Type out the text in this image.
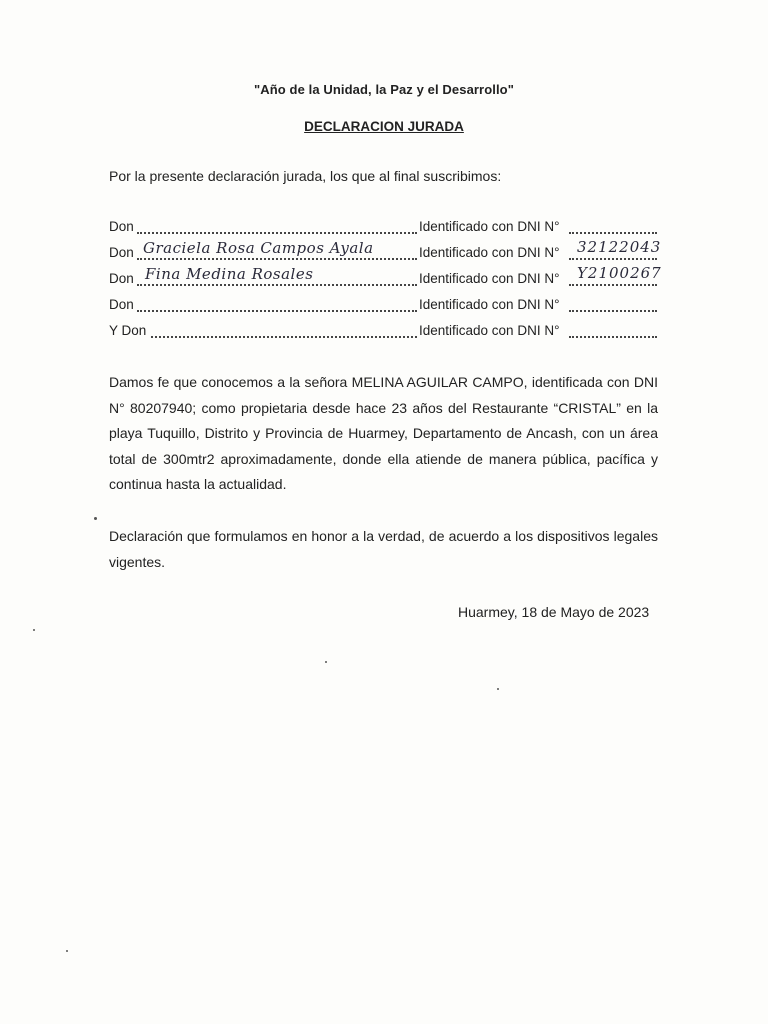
"Año de la Unidad, la Paz y el Desarrollo"
DECLARACION JURADA
Por la presente declaración jurada, los que al final suscribimos:
Don	Identificado con DNI N°
Don Graciela Rosa Campos Ayala	Identificado con DNI N° 32122043
Don Fina Medina Rosales	Identificado con DNI N° Y2100267
Don	Identificado con DNI N°
Y Don	Identificado con DNI N°
Damos fe que conocemos a la señora MELINA AGUILAR CAMPO, identificada con DNI N° 80207940; como propietaria desde hace 23 años del Restaurante “CRISTAL” en la playa Tuquillo, Distrito y Provincia de Huarmey, Departamento de Ancash, con un área total de 300mtr2 aproximadamente, donde ella atiende de manera pública, pacífica y continua hasta la actualidad.
Declaración que formulamos en honor a la verdad, de acuerdo a los dispositivos legales vigentes.
Huarmey, 18 de Mayo de 2023
